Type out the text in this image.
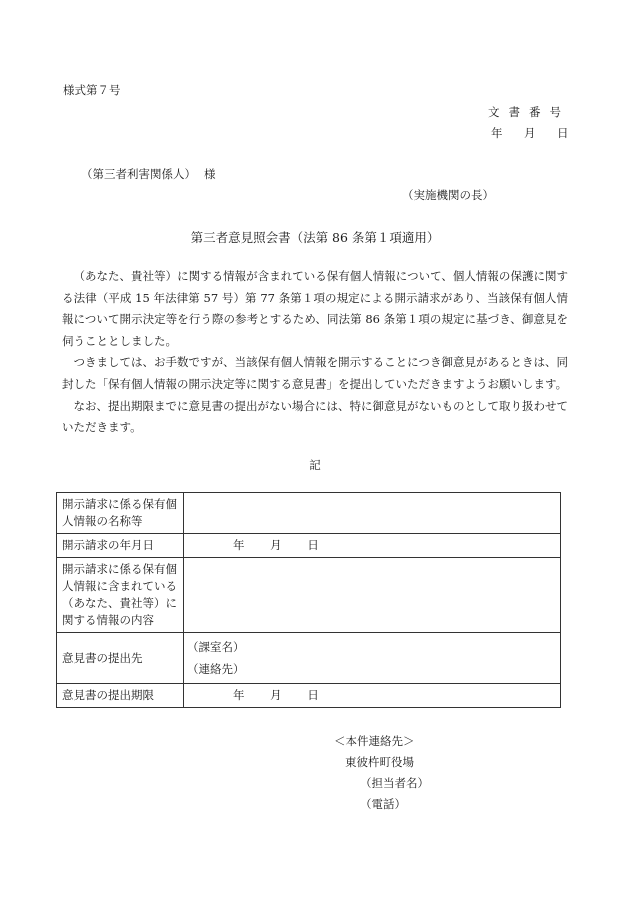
様式第７号
文書番号
年 月 日
（第三者利害関係人） 様
（実施機関の長）
第三者意見照会書（法第 86 条第１項適用）

（あなた、貴社等）に関する情報が含まれている保有個人情報について、個人情報の保護に関する法律（平成 15 年法律第 57 号）第 77 条第１項の規定による開示請求があり、当該保有個人情報について開示決定等を行う際の参考とするため、同法第 86 条第１項の規定に基づき、御意見を伺うこととしました。

つきましては、お手数ですが、当該保有個人情報を開示することにつき御意見があるときは、同封した「保有個人情報の開示決定等に関する意見書」を提出していただきますようお願いします。

なお、提出期限までに意見書の提出がない場合には、特に御意見がないものとして取り扱わせていただきます。

記
開示請求に係る保有個人情報の名称等	
開示請求の年月日	年 月 日
開示請求に係る保有個人情報に含まれている（あなた、貴社等）に関する情報の内容	
意見書の提出先	（課室名）
（連絡先）

意見書の提出期限	年 月 日
＜本件連絡先＞
東彼杵町役場
（担当者名）
（電話）
